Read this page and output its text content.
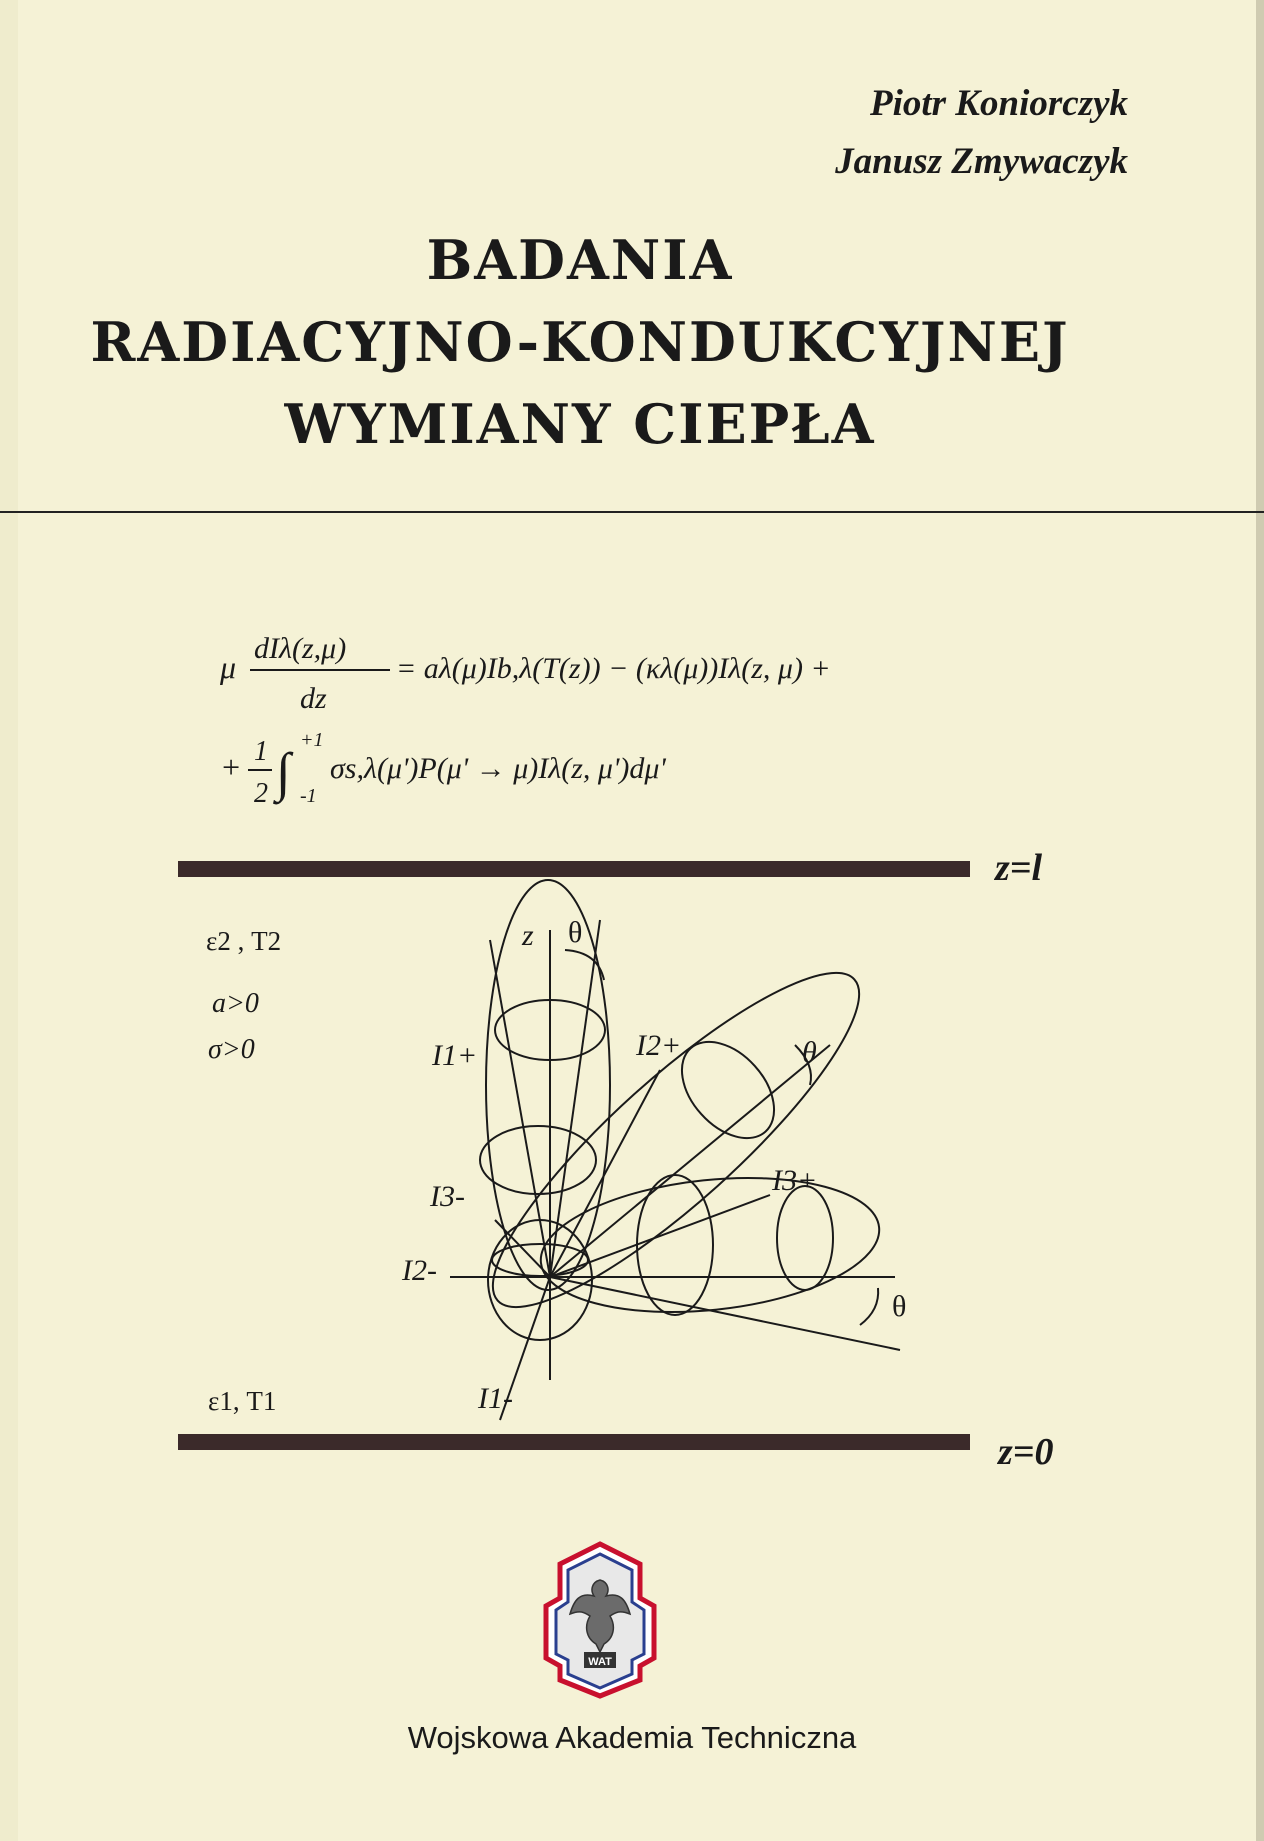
Piotr Koniorczyk
Janusz Zmywaczyk
BADANIA
RADIACYJNO-KONDUKCYJNEJ
WYMIANY CIEPŁA
μ
dIλ(z,μ)
dz
= aλ(μ)Ib,λ(T(z)) − (κλ(μ))Iλ(z, μ) +
+ 1
2 ∫
+1
-1
σs,λ(μ')P(μ' → μ)Iλ(z, μ')dμ'
z=l
ε2 , T2
a>0
σ>0
z θ
θ
θ
I1+	I2+
I3+
I1-
I2-
I3-
ε1, T1
z=0
WAT
Wojskowa Akademia Techniczna
